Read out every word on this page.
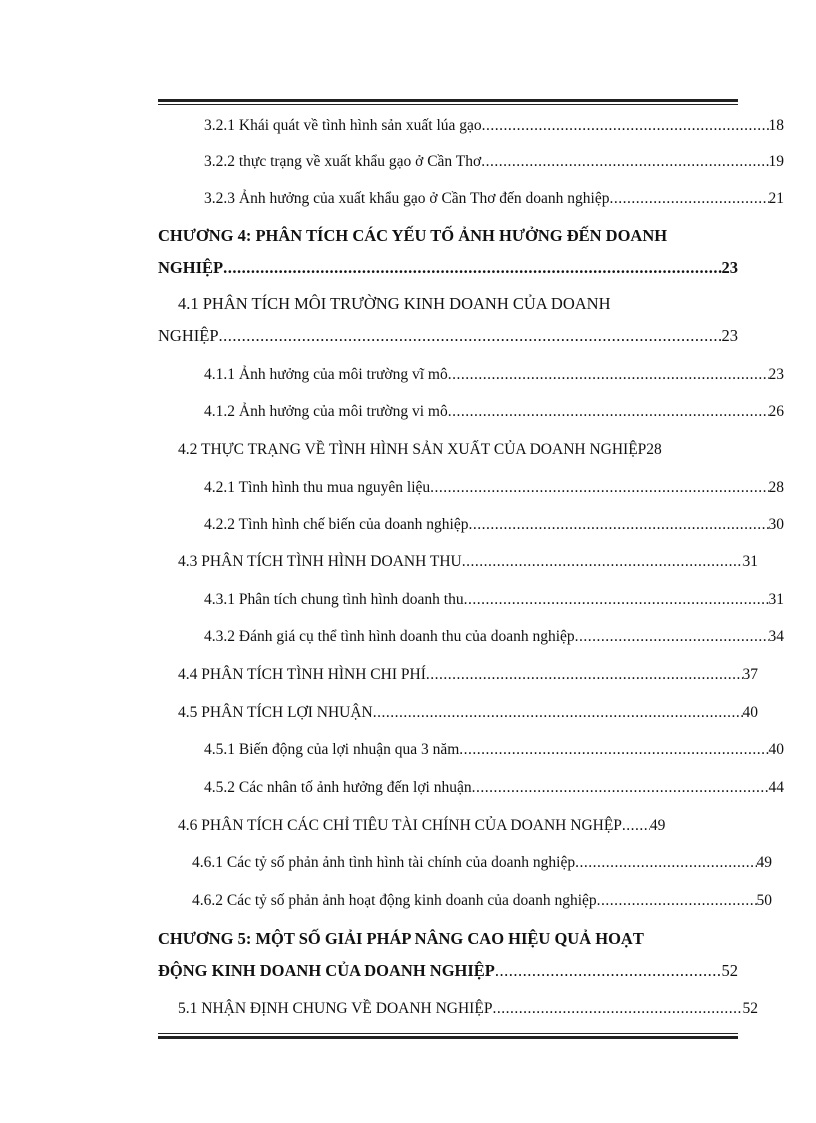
3.2.1 Khái quát về tình hình sản xuất lúa gạo .....	18
3.2.2 thực trạng về xuất khẩu gạo ở Cần Thơ .....	19
3.2.3 Ảnh hưởng của xuất khẩu gạo ở Cần Thơ đến doanh nghiệp .....	21
CHƯƠNG 4: PHÂN TÍCH CÁC YẾU TỐ ẢNH HƯỞNG ĐẾN DOANH
NGHIỆP .....	23
4.1 PHÂN TÍCH MÔI TRƯỜNG KINH DOANH CỦA DOANH
NGHIỆP .....	23
4.1.1 Ảnh hưởng của môi trường vĩ mô .....	23
4.1.2 Ảnh hưởng của môi trường vi mô .....	26
4.2 THỰC TRẠNG VỀ TÌNH HÌNH SẢN XUẤT CỦA DOANH NGHIỆP 28
4.2.1 Tình hình thu mua nguyên liệu .....	28
4.2.2 Tình hình chế biến của doanh nghiệp .....	30
4.3 PHÂN TÍCH TÌNH HÌNH DOANH THU .....	31
4.3.1 Phân tích chung tình hình doanh thu .....	31
4.3.2 Đánh giá cụ thể tình hình doanh thu của doanh nghiệp .....	34
4.4 PHÂN TÍCH TÌNH HÌNH CHI PHÍ .....	37
4.5 PHÂN TÍCH LỢI NHUẬN .....	40
4.5.1 Biến động của lợi nhuận qua 3 năm .....	40
4.5.2 Các nhân tố ảnh hưởng đến lợi nhuận .....	44
4.6 PHÂN TÍCH CÁC CHỈ TIÊU TÀI CHÍNH CỦA DOANH NGHỆP ..... 49
4.6.1 Các tỷ số phản ảnh tình hình tài chính của doanh nghiệp .....	49
4.6.2 Các tỷ số phản ảnh hoạt động kinh doanh của doanh nghiệp .....	50
CHƯƠNG 5: MỘT SỐ GIẢI PHÁP NÂNG CAO HIỆU QUẢ HOẠT
ĐỘNG KINH DOANH CỦA DOANH NGHIỆP .....	52
5.1 NHẬN ĐỊNH CHUNG VỀ DOANH NGHIỆP .....	52
